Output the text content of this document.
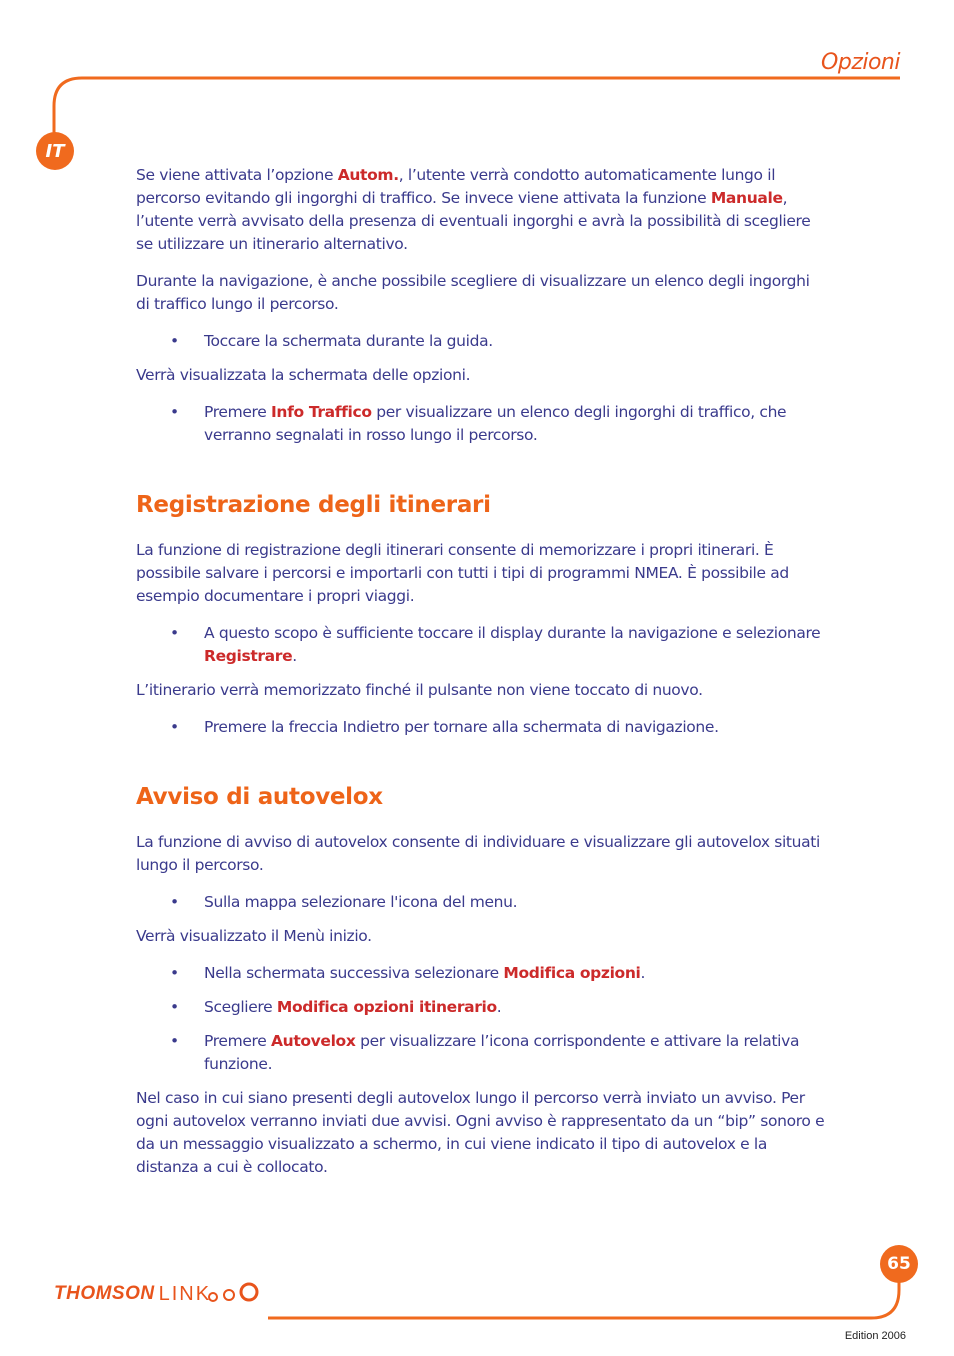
Opzioni
IT

Se viene attivata l’opzione Autom., l’utente verrà condotto automaticamente lungo il percorso evitando gli ingorghi di traffico. Se invece viene attivata la funzione Manuale, l’utente verrà avvisato della presenza di eventuali ingorghi e avrà la possibilità di scegliere se utilizzare un itinerario alternativo.

Durante la navigazione, è anche possibile scegliere di visualizzare un elenco degli ingorghi di traffico lungo il percorso.

• Toccare la schermata durante la guida.

Verrà visualizzata la schermata delle opzioni.

• Premere Info Traffico per visualizzare un elenco degli ingorghi di traffico, che verranno segnalati in rosso lungo il percorso.
Registrazione degli itinerari

La funzione di registrazione degli itinerari consente di memorizzare i propri itinerari. È possibile salvare i percorsi e importarli con tutti i tipi di programmi NMEA. È possibile ad esempio documentare i propri viaggi.

• A questo scopo è sufficiente toccare il display durante la navigazione e selezionare Registrare.

L’itinerario verrà memorizzato finché il pulsante non viene toccato di nuovo.

• Premere la freccia Indietro per tornare alla schermata di navigazione.
Avviso di autovelox

La funzione di avviso di autovelox consente di individuare e visualizzare gli autovelox situati lungo il percorso.

• Sulla mappa selezionare l'icona del menu.

Verrà visualizzato il Menù inizio.

• Nella schermata successiva selezionare Modifica opzioni.
• Scegliere Modifica opzioni itinerario.
• Premere Autovelox per visualizzare l’icona corrispondente e attivare la relativa funzione.

Nel caso in cui siano presenti degli autovelox lungo il percorso verrà inviato un avviso. Per ogni autovelox verranno inviati due avvisi. Ogni avviso è rappresentato da un “bip” sonoro e da un messaggio visualizzato a schermo, in cui viene indicato il tipo di autovelox e la distanza a cui è collocato.

65
THOMSON LINK
Edition 2006
